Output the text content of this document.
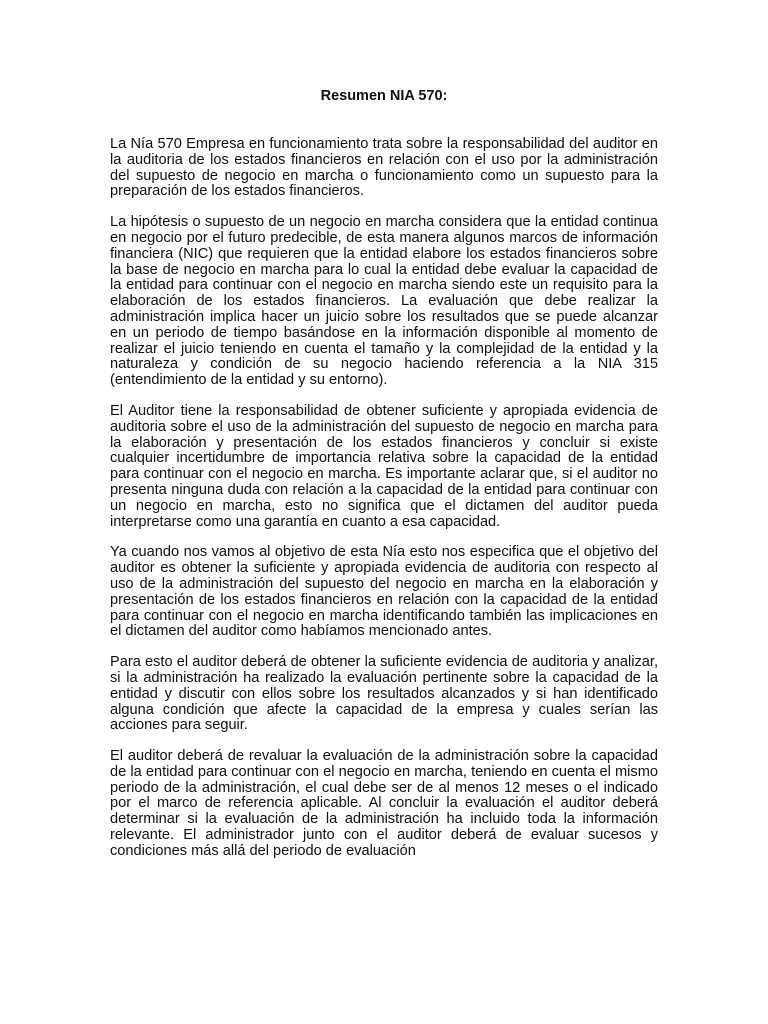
Resumen NIA 570:

La Nía 570 Empresa en funcionamiento trata sobre la responsabilidad del auditor en la auditoria de los estados financieros en relación con el uso por la administración del supuesto de negocio en marcha o funcionamiento como un supuesto para la preparación de los estados financieros.

La hipótesis o supuesto de un negocio en marcha considera que la entidad continua en negocio por el futuro predecible, de esta manera algunos marcos de información financiera (NIC) que requieren que la entidad elabore los estados financieros sobre la base de negocio en marcha para lo cual la entidad debe evaluar la capacidad de la entidad para continuar con el negocio en marcha siendo este un requisito para la elaboración de los estados financieros. La evaluación que debe realizar la administración implica hacer un juicio sobre los resultados que se puede alcanzar en un periodo de tiempo basándose en la información disponible al momento de realizar el juicio teniendo en cuenta el tamaño y la complejidad de la entidad y la naturaleza y condición de su negocio haciendo referencia a la NIA 315 (entendimiento de la entidad y su entorno).

El Auditor tiene la responsabilidad de obtener suficiente y apropiada evidencia de auditoria sobre el uso de la administración del supuesto de negocio en marcha para la elaboración y presentación de los estados financieros y concluir si existe cualquier incertidumbre de importancia relativa sobre la capacidad de la entidad para continuar con el negocio en marcha. Es importante aclarar que, si el auditor no presenta ninguna duda con relación a la capacidad de la entidad para continuar con un negocio en marcha, esto no significa que el dictamen del auditor pueda interpretarse como una garantía en cuanto a esa capacidad.

Ya cuando nos vamos al objetivo de esta Nía esto nos especifica que el objetivo del auditor es obtener la suficiente y apropiada evidencia de auditoria con respecto al uso de la administración del supuesto del negocio en marcha en la elaboración y presentación de los estados financieros en relación con la capacidad de la entidad para continuar con el negocio en marcha identificando también las implicaciones en el dictamen del auditor como habíamos mencionado antes.

Para esto el auditor deberá de obtener la suficiente evidencia de auditoria y analizar, si la administración ha realizado la evaluación pertinente sobre la capacidad de la entidad y discutir con ellos sobre los resultados alcanzados y si han identificado alguna condición que afecte la capacidad de la empresa y cuales serían las acciones para seguir.

El auditor deberá de revaluar la evaluación de la administración sobre la capacidad de la entidad para continuar con el negocio en marcha, teniendo en cuenta el mismo periodo de la administración, el cual debe ser de al menos 12 meses o el indicado por el marco de referencia aplicable. Al concluir la evaluación el auditor deberá determinar si la evaluación de la administración ha incluido toda la información relevante. El administrador junto con el auditor deberá de evaluar sucesos y condiciones más allá del periodo de evaluación
